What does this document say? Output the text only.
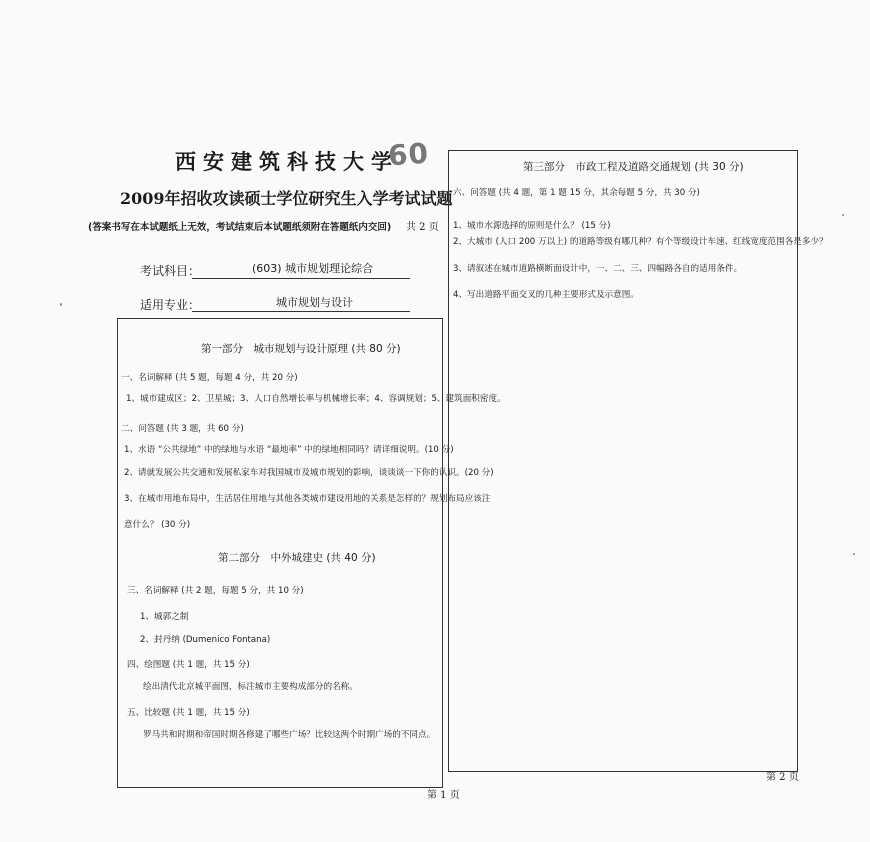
西安建筑科技大学
60
2009年招收攻读硕士学位研究生入学考试试题
(答案书写在本试题纸上无效，考试结束后本试题纸须附在答题纸内交回) 共 2 页
考试科目：	(603) 城市规划理论综合
适用专业：	城市规划与设计
第一部分　城市规划与设计原理 (共 80 分)
一、名词解释 (共 5 题，每题 4 分，共 20 分)
1、城市建成区；2、卫星城；3、人口自然增长率与机械增长率；4、容调规划；5、建筑面积密度。
二、问答题 (共 3 题，共 60 分)
1、水语 “公共绿地” 中的绿地与水语 “最地率” 中的绿地相同吗？请详细说明。(10 分)
2、请就发展公共交通和发展私家车对我国城市及城市规划的影响，谈谈谈一下你的认识。(20 分)
3、在城市用地布局中，生活居住用地与其他各类城市建设用地的关系是怎样的？规划布局应该注
意什么？ (30 分)
第二部分　中外城建史 (共 40 分)
三、名词解释 (共 2 题，每题 5 分，共 10 分)
1、城郭之制
2、封丹纳 (Dumenico Fontana)
四、绘图题 (共 1 题，共 15 分)
绘出清代北京城平面图，标注城市主要构成部分的名称。
五、比较题 (共 1 题，共 15 分)
罗马共和时期和帝国时期各修建了哪些广场？比较这两个时期广场的不同点。
第三部分　市政工程及道路交通规划 (共 30 分)
六、问答题 (共 4 题，第 1 题 15 分，其余每题 5 分，共 30 分)
1、城市水源选择的原则是什么？ (15 分)
2、大城市 (人口 200 万以上) 的道路等级有哪几种？有个等级设计车速、红线宽度范围各是多少？
3、请叙述在城市道路横断面设计中，一、二、三、四幅路各自的适用条件。
4、写出道路平面交叉的几种主要形式及示意图。
第 1 页
第 2 页
